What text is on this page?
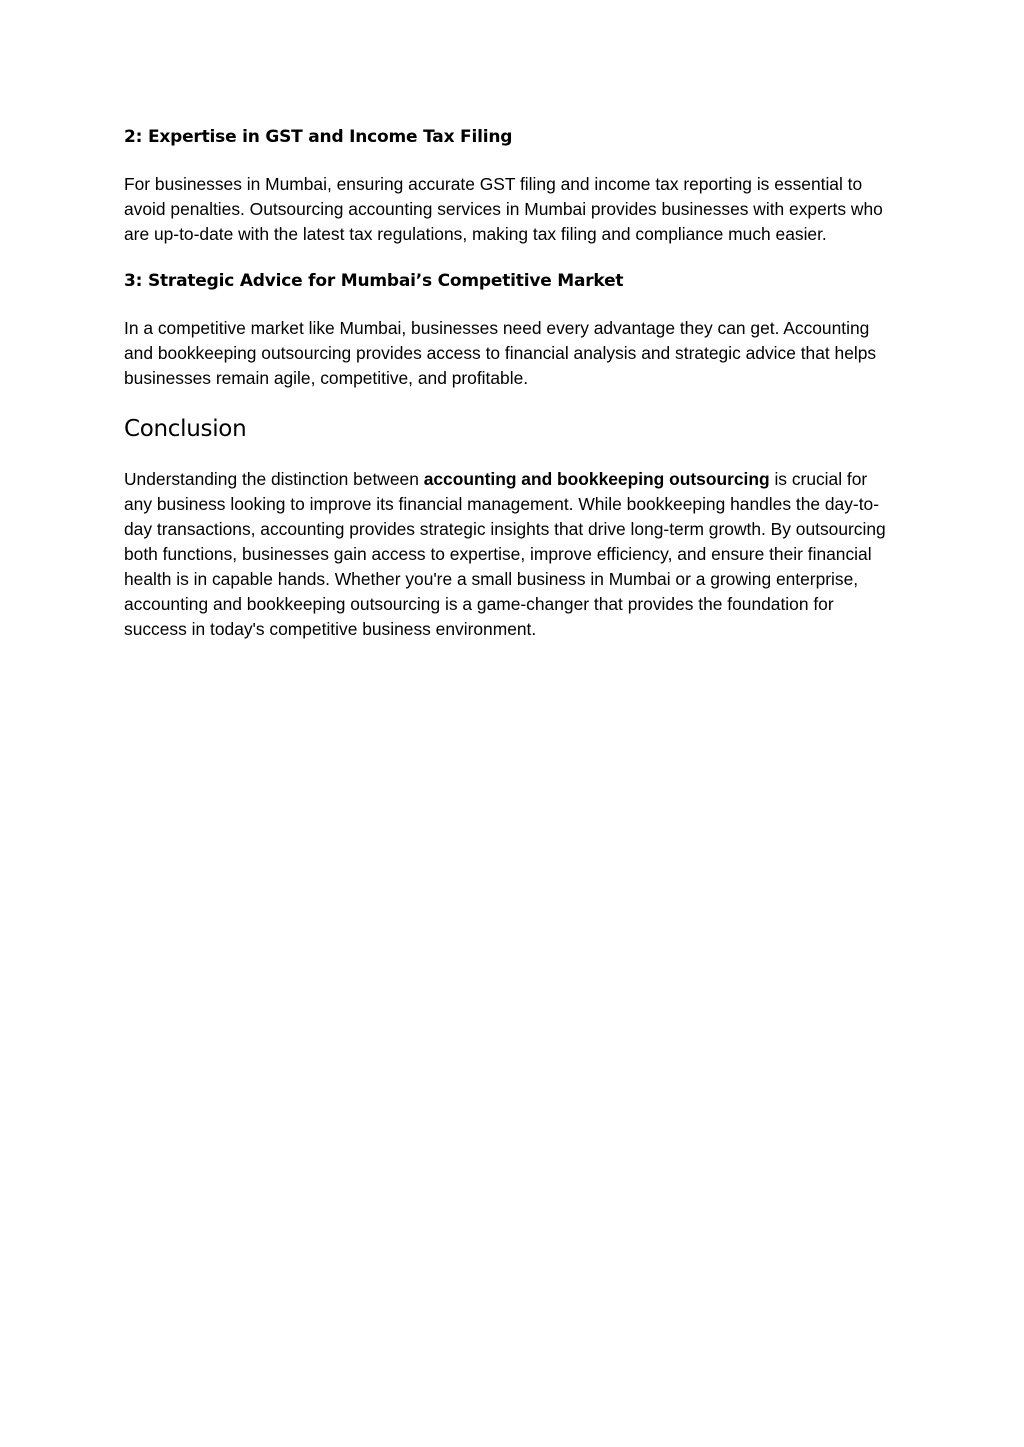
2: Expertise in GST and Income Tax Filing

For businesses in Mumbai, ensuring accurate GST filing and income tax reporting is essential to avoid penalties. Outsourcing accounting services in Mumbai provides businesses with experts who are up-to-date with the latest tax regulations, making tax filing and compliance much easier.

3: Strategic Advice for Mumbai’s Competitive Market

In a competitive market like Mumbai, businesses need every advantage they can get. Accounting and bookkeeping outsourcing provides access to financial analysis and strategic advice that helps businesses remain agile, competitive, and profitable.

Conclusion

Understanding the distinction between accounting and bookkeeping outsourcing is crucial for any business looking to improve its financial management. While bookkeeping handles the day-to-day transactions, accounting provides strategic insights that drive long-term growth. By outsourcing both functions, businesses gain access to expertise, improve efficiency, and ensure their financial health is in capable hands. Whether you're a small business in Mumbai or a growing enterprise, accounting and bookkeeping outsourcing is a game-changer that provides the foundation for success in today's competitive business environment.
